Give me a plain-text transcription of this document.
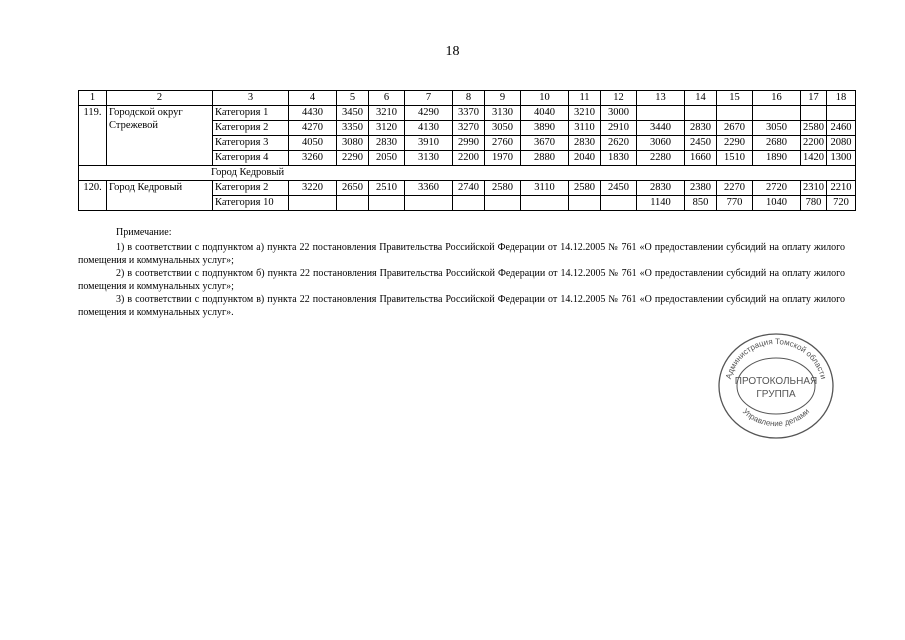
18
1	2	3	4	5	6	7	8	9	10	11	12	13	14	15	16	17	18
119.	Городской округ Стрежевой	Категория 1	4430	3450	3210	4290	3370	3130	4040	3210	3000						
		Категория 2	4270	3350	3120	4130	3270	3050	3890	3110	2910	3440	2830	2670	3050	2580	2460
		Категория 3	4050	3080	2830	3910	2990	2760	3670	2830	2620	3060	2450	2290	2680	2200	2080
		Категория 4	3260	2290	2050	3130	2200	1970	2880	2040	1830	2280	1660	1510	1890	1420	1300
Город Кедровый																	
120.	Город Кедровый	Категория 2	3220	2650	2510	3360	2740	2580	3110	2580	2450	2830	2380	2270	2720	2310	2210
		Категория 10										1140	850	770	1040	780	720

Примечание:

1) в соответствии с подпунктом а) пункта 22 постановления Правительства Российской Федерации от 14.12.2005 № 761 «О предоставлении субсидий на оплату жилого помещения и коммунальных услуг»;

2) в соответствии с подпунктом б) пункта 22 постановления Правительства Российской Федерации от 14.12.2005 № 761 «О предоставлении субсидий на оплату жилого помещения и коммунальных услуг»;

3) в соответствии с подпунктом в) пункта 22 постановления Правительства Российской Федерации от 14.12.2005 № 761 «О предоставлении субсидий на оплату жилого помещения и коммунальных услуг».

Администрация Томской области
Управление делами
ПРОТОКОЛЬНАЯ
ГРУППА
